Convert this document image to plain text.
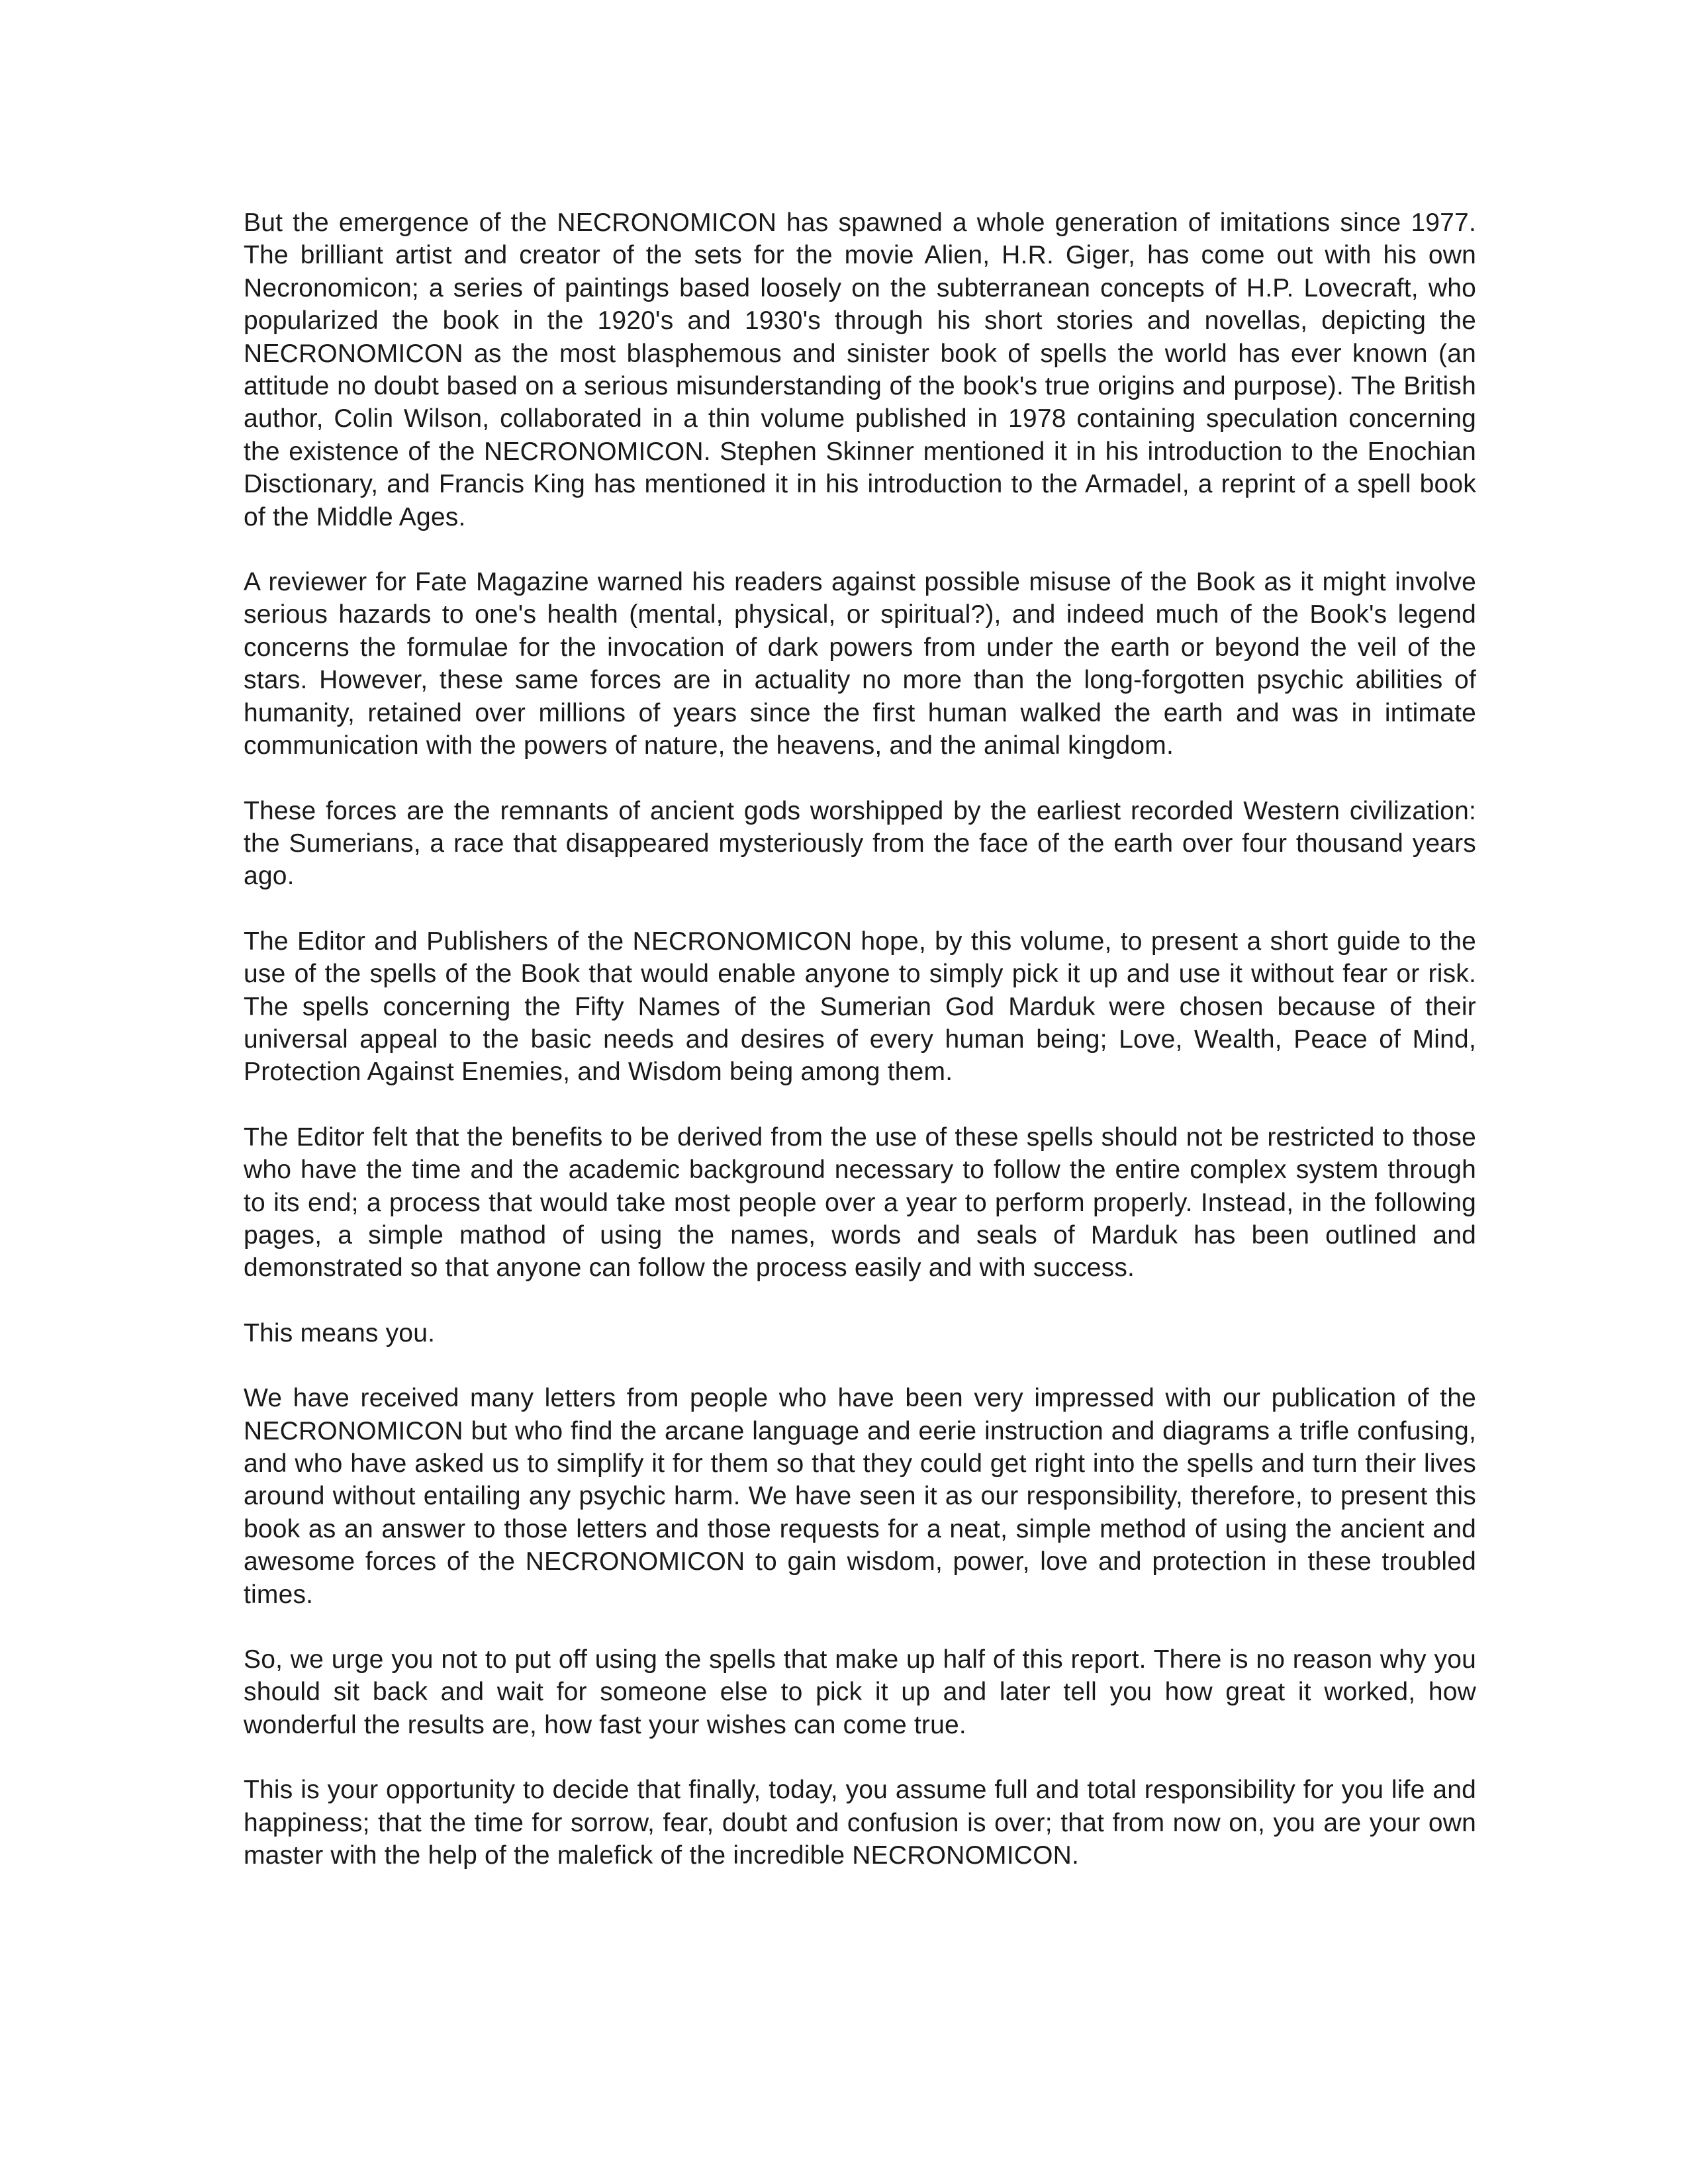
But the emergence of the NECRONOMICON has spawned a whole generation of imitations since 1977. The brilliant artist and creator of the sets for the movie Alien, H.R. Giger, has come out with his own Necronomicon; a series of paintings based loosely on the subterranean concepts of H.P. Lovecraft, who popularized the book in the 1920's and 1930's through his short stories and novellas, depicting the NECRONOMICON as the most blasphemous and sinister book of spells the world has ever known (an attitude no doubt based on a serious misunderstanding of the book's true origins and purpose). The British author, Colin Wilson, collaborated in a thin volume published in 1978 containing speculation concerning the existence of the NECRONOMICON. Stephen Skinner mentioned it in his introduction to the Enochian Disctionary, and Francis King has mentioned it in his introduction to the Armadel, a reprint of a spell book of the Middle Ages.

A reviewer for Fate Magazine warned his readers against possible misuse of the Book as it might involve serious hazards to one's health (mental, physical, or spiritual?), and indeed much of the Book's legend concerns the formulae for the invocation of dark powers from under the earth or beyond the veil of the stars. However, these same forces are in actuality no more than the long-forgotten psychic abilities of humanity, retained over millions of years since the first human walked the earth and was in intimate communication with the powers of nature, the heavens, and the animal kingdom.

These forces are the remnants of ancient gods worshipped by the earliest recorded Western civilization: the Sumerians, a race that disappeared mysteriously from the face of the earth over four thousand years ago.

The Editor and Publishers of the NECRONOMICON hope, by this volume, to present a short guide to the use of the spells of the Book that would enable anyone to simply pick it up and use it without fear or risk. The spells concerning the Fifty Names of the Sumerian God Marduk were chosen because of their universal appeal to the basic needs and desires of every human being; Love, Wealth, Peace of Mind, Protection Against Enemies, and Wisdom being among them.

The Editor felt that the benefits to be derived from the use of these spells should not be restricted to those who have the time and the academic background necessary to follow the entire complex system through to its end; a process that would take most people over a year to perform properly. Instead, in the following pages, a simple mathod of using the names, words and seals of Marduk has been outlined and demonstrated so that anyone can follow the process easily and with success.

This means you.

We have received many letters from people who have been very impressed with our publication of the NECRONOMICON but who find the arcane language and eerie instruction and diagrams a trifle confusing, and who have asked us to simplify it for them so that they could get right into the spells and turn their lives around without entailing any psychic harm. We have seen it as our responsibility, therefore, to present this book as an answer to those letters and those requests for a neat, simple method of using the ancient and awesome forces of the NECRONOMICON to gain wisdom, power, love and protection in these troubled times.

So, we urge you not to put off using the spells that make up half of this report. There is no reason why you should sit back and wait for someone else to pick it up and later tell you how great it worked, how wonderful the results are, how fast your wishes can come true.

This is your opportunity to decide that finally, today, you assume full and total responsibility for you life and happiness; that the time for sorrow, fear, doubt and confusion is over; that from now on, you are your own master with the help of the malefick of the incredible NECRONOMICON.
